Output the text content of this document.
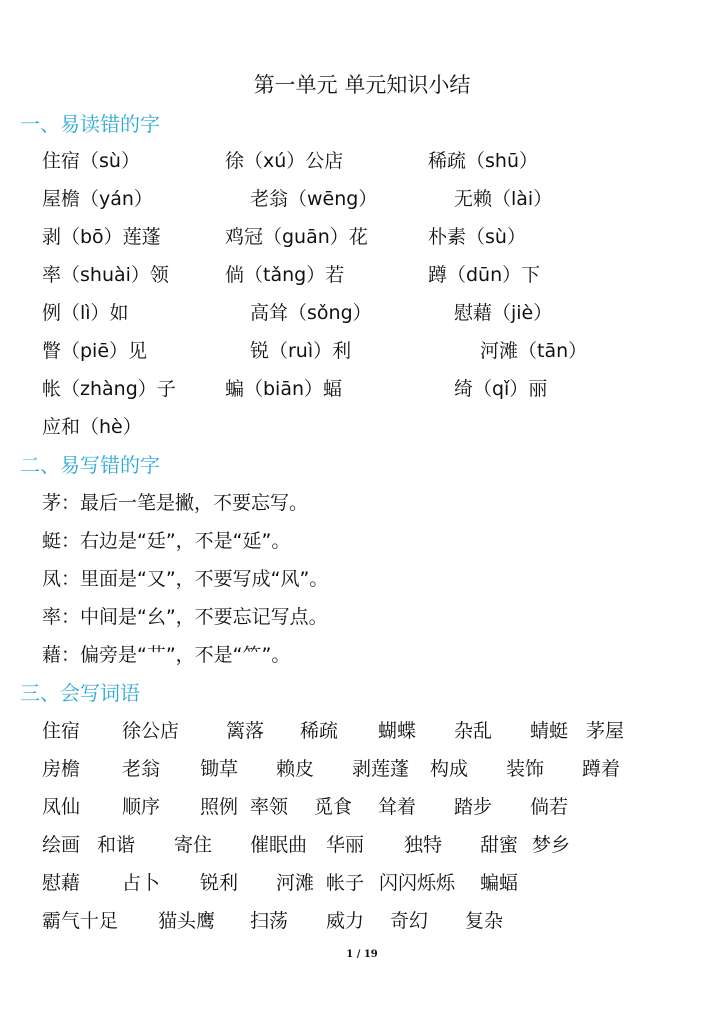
第一单元 单元知识小结
一、易读错的字
住宿（sù）	徐（xú）公店	稀疏（shū）
屋檐（yán）	老翁（wēng）	无赖（lài）
剥（bō）莲蓬	鸡冠（guān）花	朴素（sù）
率（shuài）领	倘（tǎng）若	蹲（dūn）下
例（lì）如	高耸（sǒng）	慰藉（jiè）
瞥（piē）见	锐（ruì）利	河滩（tān）
帐（zhàng）子	蝙（biān）蝠	绮（qǐ）丽
应和（hè）
二、易写错的字
茅：最后一笔是撇，不要忘写。
蜓：右边是“廷”，不是“延”。
凤：里面是“又”，不要写成“风”。
率：中间是“幺”，不要忘记写点。
藉：偏旁是“艹”，不是“⺮”。
三、会写词语
住宿 徐公店 篱落 稀疏 蝴蝶 杂乱 蜻蜓 茅屋
房檐 老翁 锄草 赖皮 剥莲蓬 构成 装饰 蹲着
凤仙 顺序 照例 率领 觅食 耸着 踏步 倘若
绘画 和谐 寄住 催眠曲 华丽 独特 甜蜜 梦乡
慰藉 占卜 锐利 河滩 帐子 闪闪烁烁 蝙蝠
霸气十足 猫头鹰 扫荡 威力 奇幻 复杂
1 / 19
